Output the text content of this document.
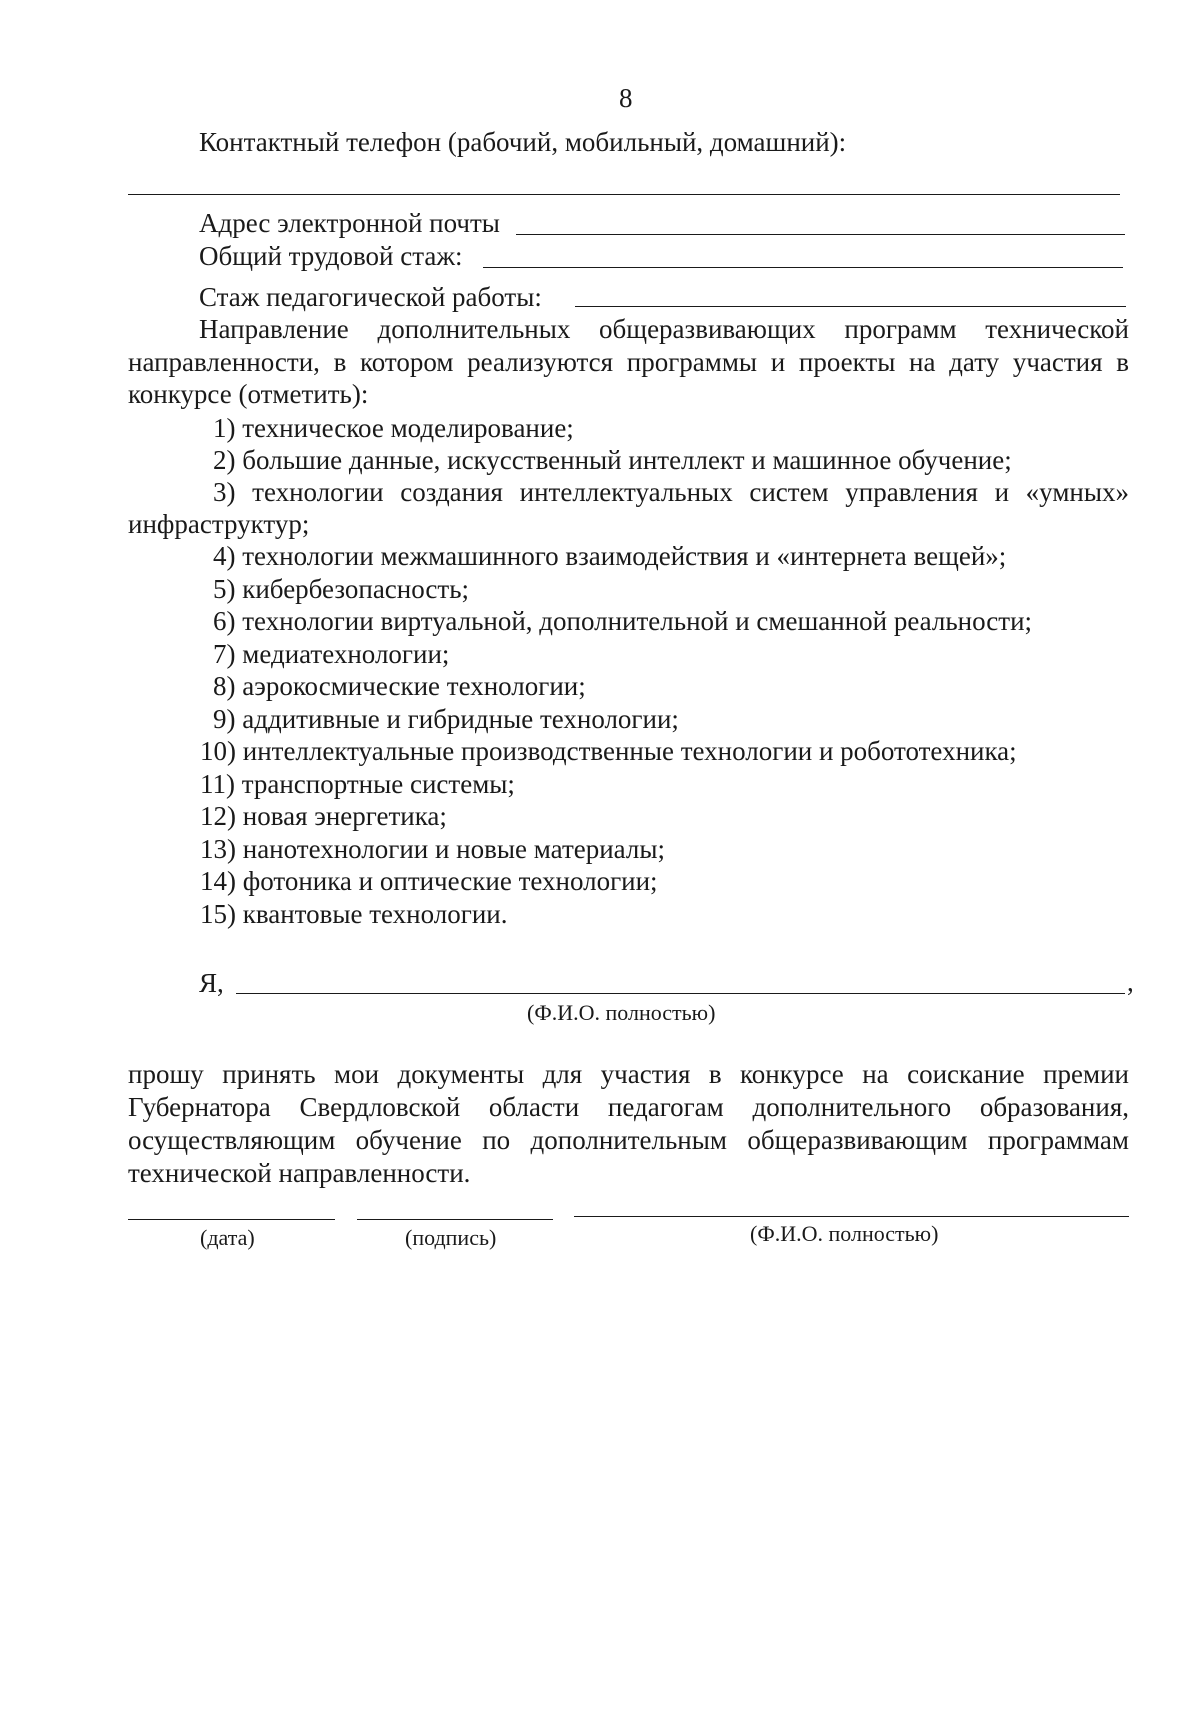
8
Контактный телефон (рабочий, мобильный, домашний):
Адрес электронной почты
Общий трудовой стаж:
Стаж педагогической работы:
Направление дополнительных общеразвивающих программ технической
направленности, в котором реализуются программы и проекты на дату участия в
конкурсе (отметить):
1) техническое моделирование;
2) большие данные, искусственный интеллект и машинное обучение;
3) технологии создания интеллектуальных систем управления и «умных»
инфраструктур;
4) технологии межмашинного взаимодействия и «интернета вещей»;
5) кибербезопасность;
6) технологии виртуальной, дополнительной и смешанной реальности;
7) медиатехнологии;
8) аэрокосмические технологии;
9) аддитивные и гибридные технологии;
10) интеллектуальные производственные технологии и робототехника;
11) транспортные системы;
12) новая энергетика;
13) нанотехнологии и новые материалы;
14) фотоника и оптические технологии;
15) квантовые технологии.
Я,	,
(Ф.И.О. полностью)
прошу принять мои документы для участия в конкурсе на соискание премии
Губернатора Свердловской области педагогам дополнительного образования,
осуществляющим обучение по дополнительным общеразвивающим программам
технической направленности.
(дата)	(подпись)	(Ф.И.О. полностью)
